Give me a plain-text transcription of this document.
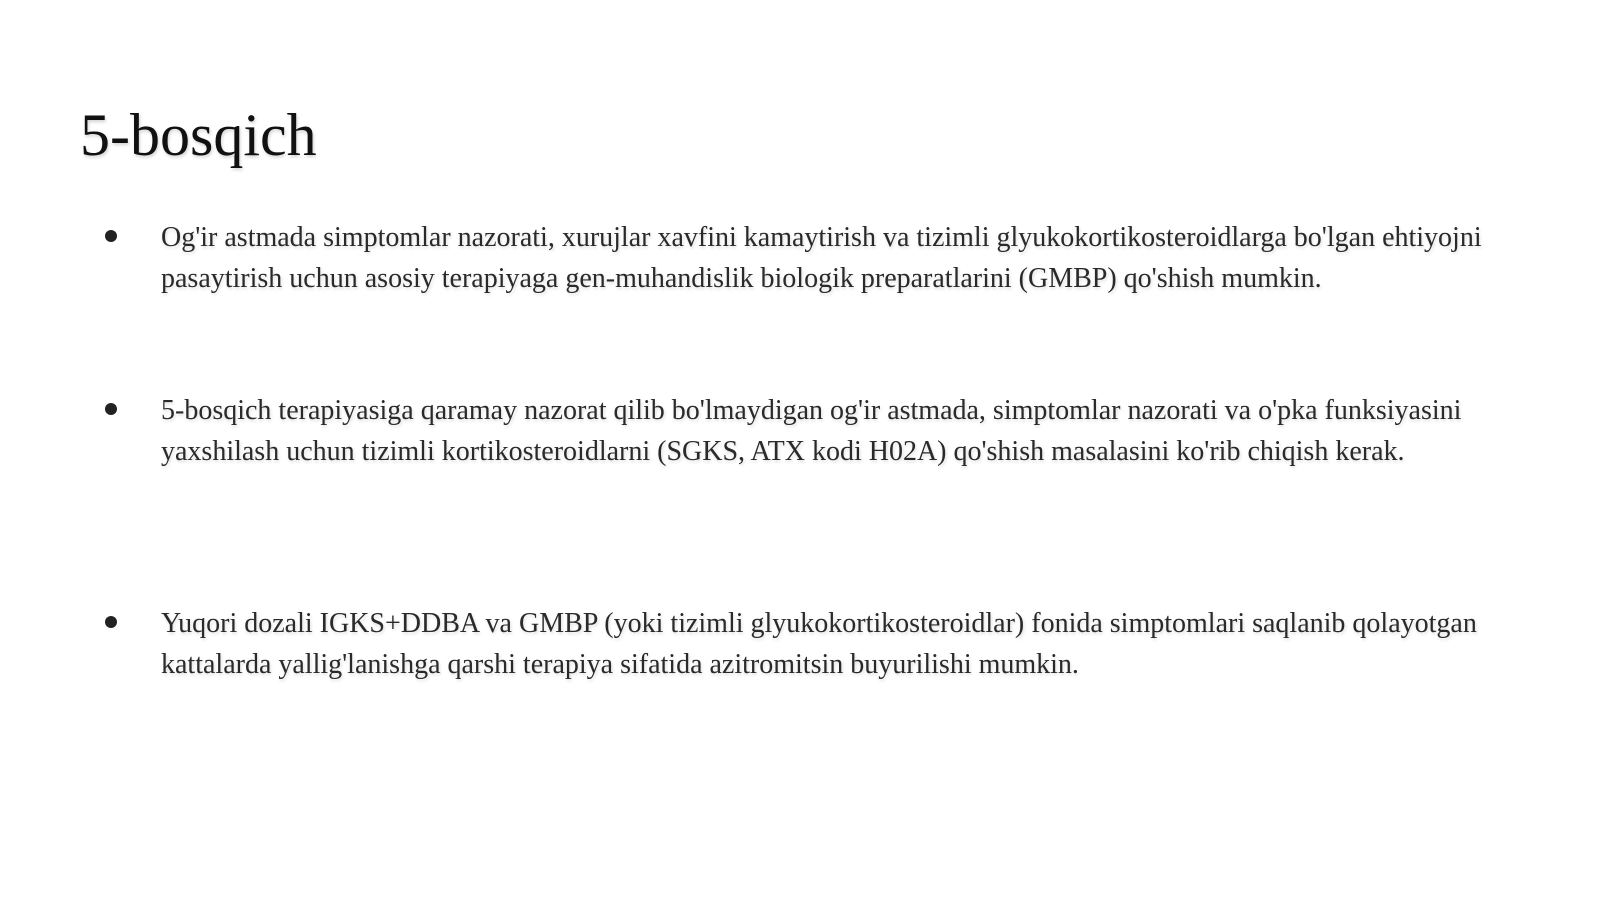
5-bosqich

Og'ir astmada simptomlar nazorati, xurujlar xavfini kamaytirish va tizimli glyukokortikosteroidlarga bo'lgan ehtiyojni pasaytirish uchun asosiy terapiyaga gen-muhandislik biologik preparatlarini (GMBP) qo'shish mumkin.

5-bosqich terapiyasiga qaramay nazorat qilib bo'lmaydigan og'ir astmada, simptomlar nazorati va o'pka funksiyasini yaxshilash uchun tizimli kortikosteroidlarni (SGKS, ATX kodi H02A) qo'shish masalasini ko'rib chiqish kerak.

Yuqori dozali IGKS+DDBA va GMBP (yoki tizimli glyukokortikosteroidlar) fonida simptomlari saqlanib qolayotgan kattalarda yallig'lanishga qarshi terapiya sifatida azitromitsin buyurilishi mumkin.
